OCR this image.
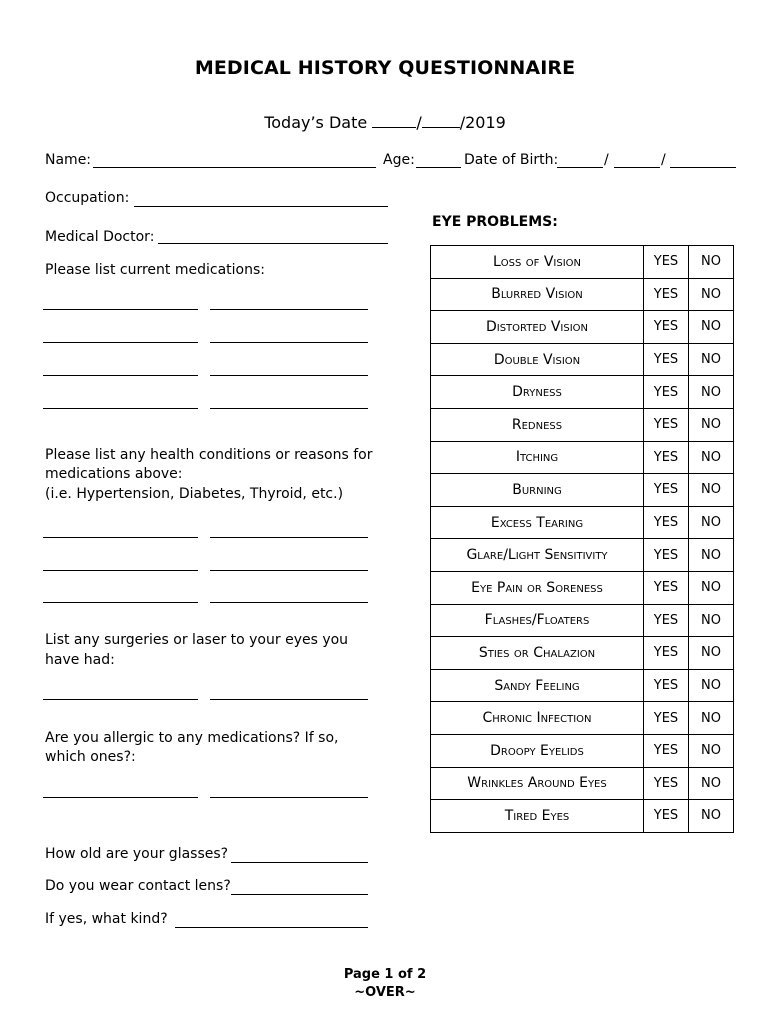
MEDICAL HISTORY QUESTIONNAIRE
Today’s Date	/ /2019
Name:	Age:	Date of Birth:	/	/
Occupation:
Medical Doctor:
Please list current medications:
Please list any health conditions or reasons for
medications above:
(i.e. Hypertension, Diabetes, Thyroid, etc.)
List any surgeries or laser to your eyes you
have had:
Are you allergic to any medications? If so,
which ones?:
How old are your glasses?
Do you wear contact lens?
If yes, what kind?
EYE PROBLEMS:
Loss of Vision	YES	NO
Blurred Vision	YES	NO
Distorted Vision	YES	NO
Double Vision	YES	NO
Dryness	YES	NO
Redness	YES	NO
Itching	YES	NO
Burning	YES	NO
Excess Tearing	YES	NO
Glare/Light Sensitivity	YES	NO
Eye Pain or Soreness	YES	NO
Flashes/Floaters	YES	NO
Sties or Chalazion	YES	NO
Sandy Feeling	YES	NO
Chronic Infection	YES	NO
Droopy Eyelids	YES	NO
Wrinkles Around Eyes	YES	NO
Tired Eyes	YES	NO
Page 1 of 2
~OVER~
